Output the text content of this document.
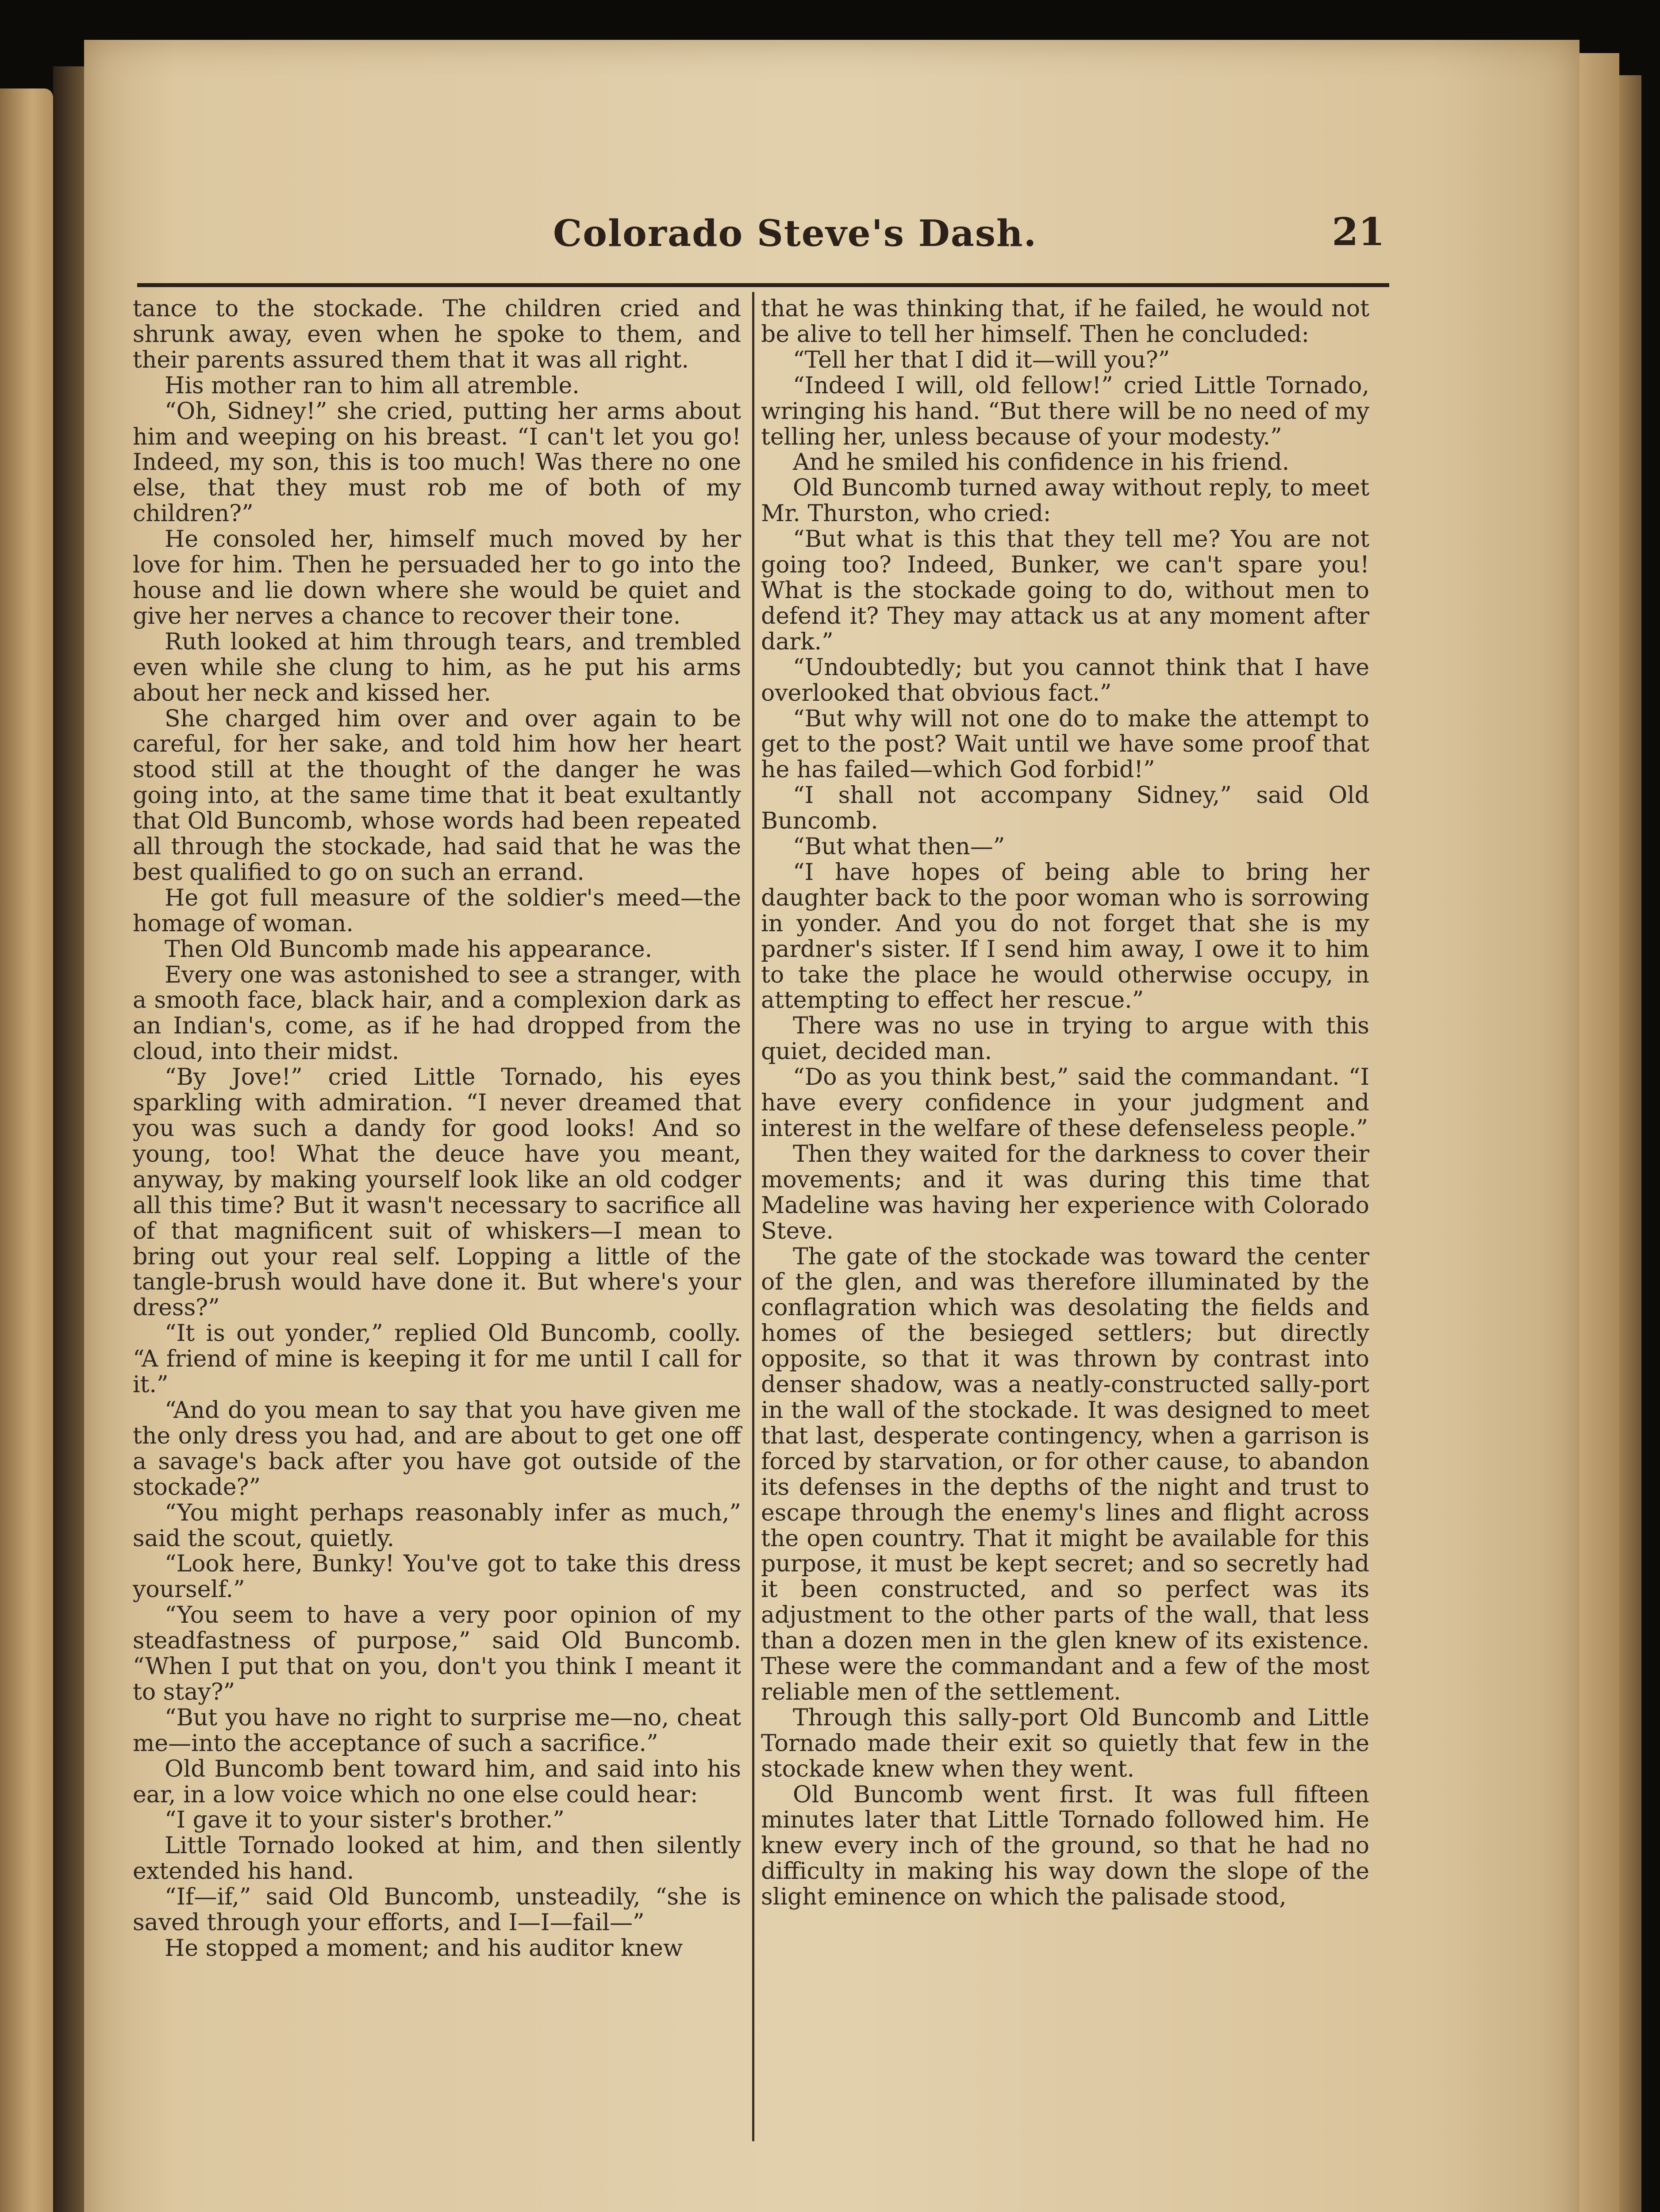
Colorado Steve's Dash.	21

tance to the stockade. The children cried and shrunk away, even when he spoke to them, and their parents assured them that it was all right.

His mother ran to him all atremble.

“Oh, Sidney!” she cried, putting her arms about him and weeping on his breast. “I can't let you go! Indeed, my son, this is too much! Was there no one else, that they must rob me of both of my children?”

He consoled her, himself much moved by her love for him. Then he persuaded her to go into the house and lie down where she would be quiet and give her nerves a chance to recover their tone.

Ruth looked at him through tears, and trembled even while she clung to him, as he put his arms about her neck and kissed her.

She charged him over and over again to be careful, for her sake, and told him how her heart stood still at the thought of the danger he was going into, at the same time that it beat exultantly that Old Buncomb, whose words had been repeated all through the stockade, had said that he was the best qualified to go on such an errand.

He got full measure of the soldier's meed—the homage of woman.

Then Old Buncomb made his appearance.

Every one was astonished to see a stranger, with a smooth face, black hair, and a complexion dark as an Indian's, come, as if he had dropped from the cloud, into their midst.

“By Jove!” cried Little Tornado, his eyes sparkling with admiration. “I never dreamed that you was such a dandy for good looks! And so young, too! What the deuce have you meant, anyway, by making yourself look like an old codger all this time? But it wasn't necessary to sacrifice all of that magnificent suit of whiskers—I mean to bring out your real self. Lopping a little of the tangle-brush would have done it. But where's your dress?”

“It is out yonder,” replied Old Buncomb, coolly. “A friend of mine is keeping it for me until I call for it.”

“And do you mean to say that you have given me the only dress you had, and are about to get one off a savage's back after you have got outside of the stockade?”

“You might perhaps reasonably infer as much,” said the scout, quietly.

“Look here, Bunky! You've got to take this dress yourself.”

“You seem to have a very poor opinion of my steadfastness of purpose,” said Old Buncomb. “When I put that on you, don't you think I meant it to stay?”

“But you have no right to surprise me—no, cheat me—into the acceptance of such a sacrifice.”

Old Buncomb bent toward him, and said into his ear, in a low voice which no one else could hear:

“I gave it to your sister's brother.”

Little Tornado looked at him, and then silently extended his hand.

“If—if,” said Old Buncomb, unsteadily, “she is saved through your efforts, and I—I—fail—”

He stopped a moment; and his auditor knew

that he was thinking that, if he failed, he would not be alive to tell her himself. Then he concluded:

“Tell her that I did it—will you?”

“Indeed I will, old fellow!” cried Little Tornado, wringing his hand. “But there will be no need of my telling her, unless because of your modesty.”

And he smiled his confidence in his friend.

Old Buncomb turned away without reply, to meet Mr. Thurston, who cried:

“But what is this that they tell me? You are not going too? Indeed, Bunker, we can't spare you! What is the stockade going to do, without men to defend it? They may attack us at any moment after dark.”

“Undoubtedly; but you cannot think that I have overlooked that obvious fact.”

“But why will not one do to make the attempt to get to the post? Wait until we have some proof that he has failed—which God forbid!”

“I shall not accompany Sidney,” said Old Buncomb.

“But what then—”

“I have hopes of being able to bring her daughter back to the poor woman who is sorrowing in yonder. And you do not forget that she is my pardner's sister. If I send him away, I owe it to him to take the place he would otherwise occupy, in attempting to effect her rescue.”

There was no use in trying to argue with this quiet, decided man.

“Do as you think best,” said the commandant. “I have every confidence in your judgment and interest in the welfare of these defenseless people.”

Then they waited for the darkness to cover their movements; and it was during this time that Madeline was having her experience with Colorado Steve.

The gate of the stockade was toward the center of the glen, and was therefore illuminated by the conflagration which was desolating the fields and homes of the besieged settlers; but directly opposite, so that it was thrown by contrast into denser shadow, was a neatly-constructed sally-port in the wall of the stockade. It was designed to meet that last, desperate contingency, when a garrison is forced by starvation, or for other cause, to abandon its defenses in the depths of the night and trust to escape through the enemy's lines and flight across the open country. That it might be available for this purpose, it must be kept secret; and so secretly had it been constructed, and so perfect was its adjustment to the other parts of the wall, that less than a dozen men in the glen knew of its existence. These were the commandant and a few of the most reliable men of the settlement.

Through this sally-port Old Buncomb and Little Tornado made their exit so quietly that few in the stockade knew when they went.

Old Buncomb went first. It was full fifteen minutes later that Little Tornado followed him. He knew every inch of the ground, so that he had no difficulty in making his way down the slope of the slight eminence on which the palisade stood,
